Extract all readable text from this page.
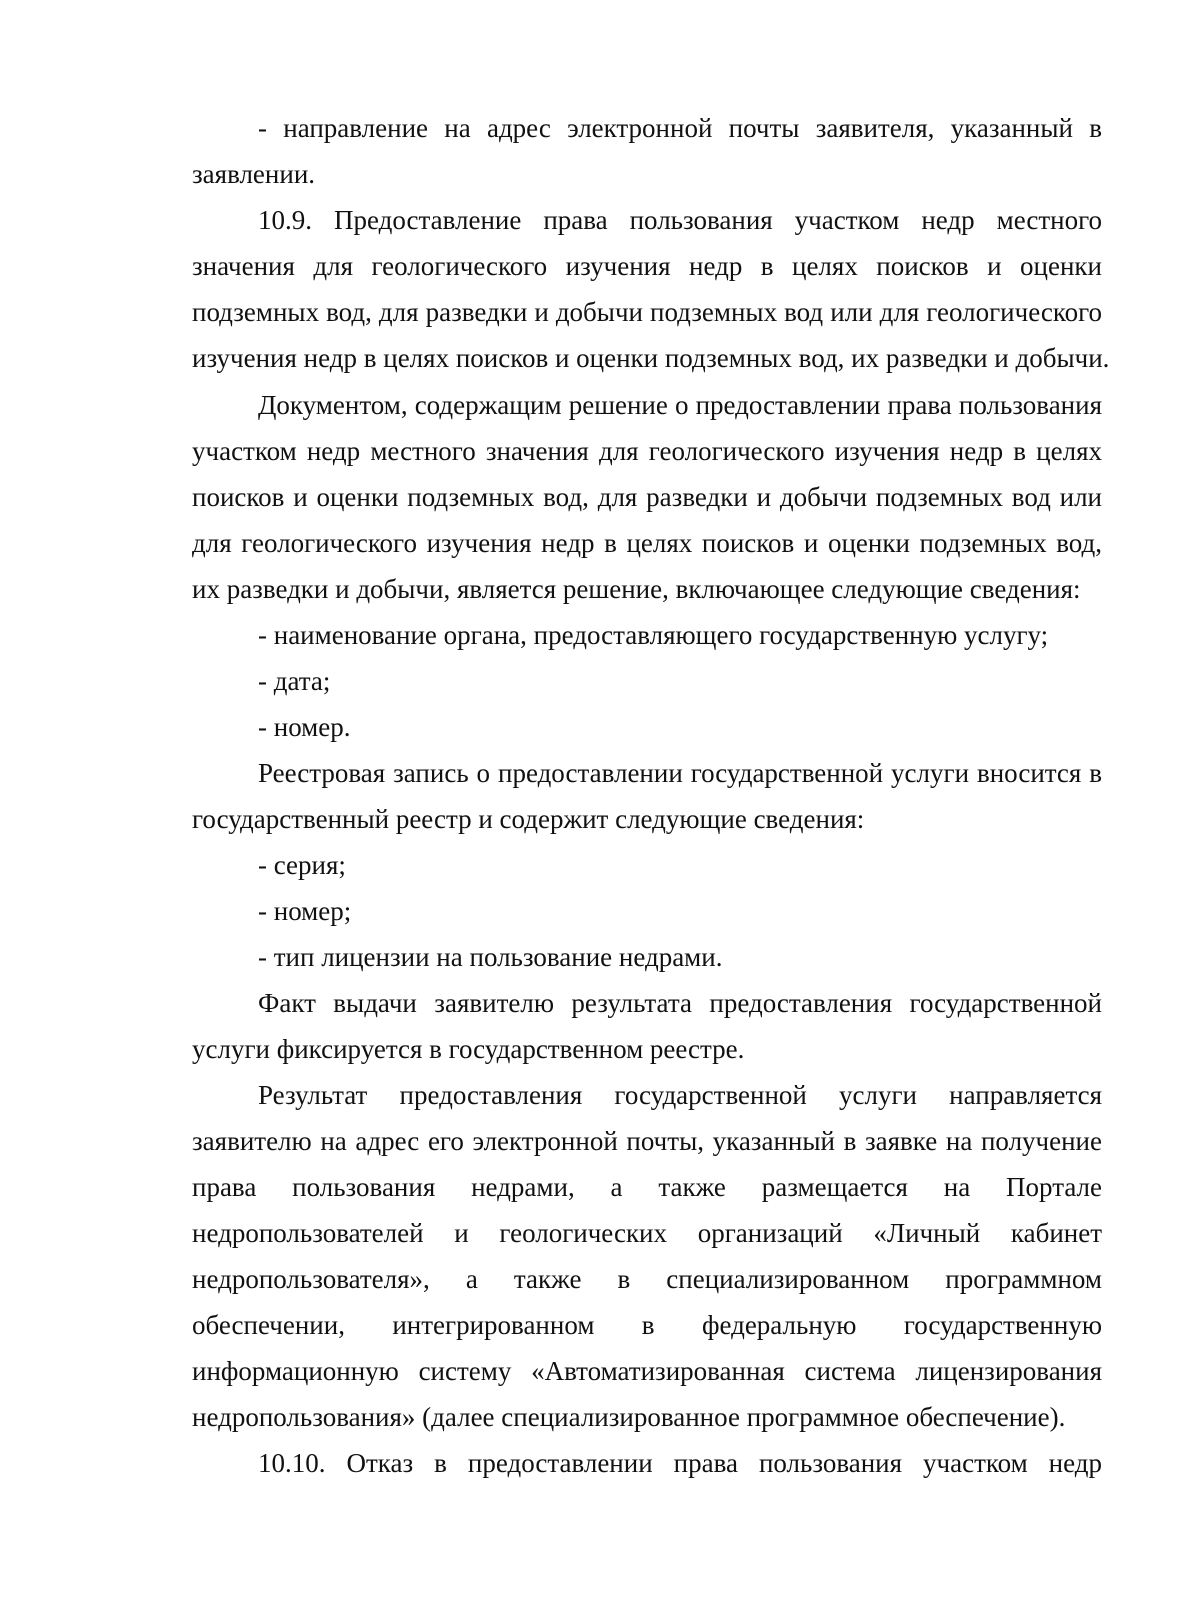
- направление на адрес электронной почты заявителя, указанный в
заявлении.
10.9. Предоставление права пользования участком недр местного
значения для геологического изучения недр в целях поисков и оценки
подземных вод, для разведки и добычи подземных вод или для геологического
изучения недр в целях поисков и оценки подземных вод, их разведки и добычи.
Документом, содержащим решение о предоставлении права пользования
участком недр местного значения для геологического изучения недр в целях
поисков и оценки подземных вод, для разведки и добычи подземных вод или
для геологического изучения недр в целях поисков и оценки подземных вод,
их разведки и добычи, является решение, включающее следующие сведения:
- наименование органа, предоставляющего государственную услугу;
- дата;
- номер.
Реестровая запись о предоставлении государственной услуги вносится в
государственный реестр и содержит следующие сведения:
- серия;
- номер;
- тип лицензии на пользование недрами.
Факт выдачи заявителю результата предоставления государственной
услуги фиксируется в государственном реестре.
Результат предоставления государственной услуги направляется
заявителю на адрес его электронной почты, указанный в заявке на получение
права пользования недрами, а также размещается на Портале
недропользователей и геологических организаций «Личный кабинет
недропользователя», а также в специализированном программном
обеспечении, интегрированном в федеральную государственную
информационную систему «Автоматизированная система лицензирования
недропользования» (далее специализированное программное обеспечение).
10.10. Отказ в предоставлении права пользования участком недр
